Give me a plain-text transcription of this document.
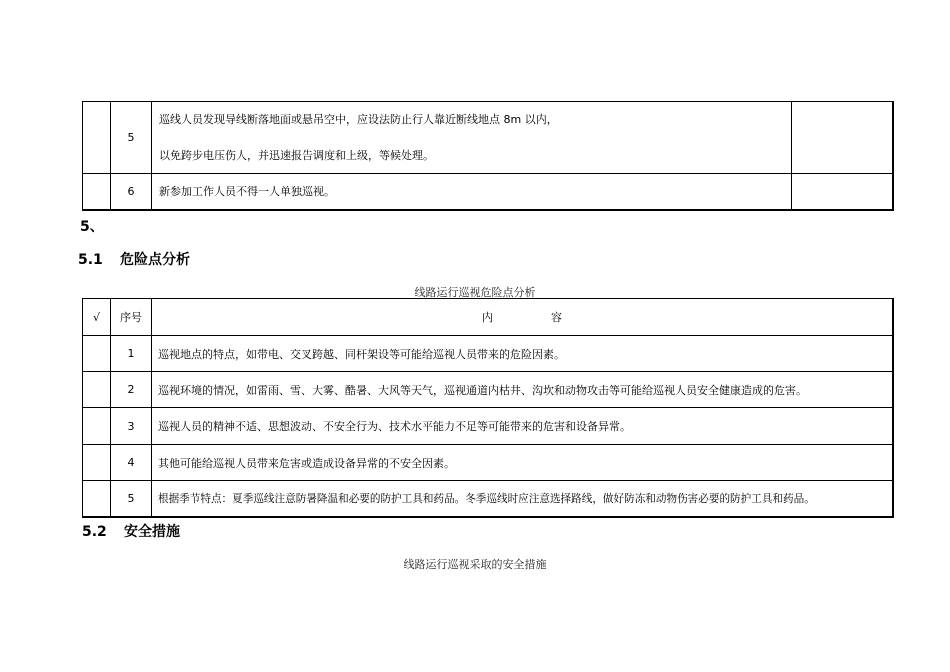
	5	巡线人员发现导线断落地面或悬吊空中，应设法防止行人靠近断线地点 8m 以内，
以免跨步电压伤人，并迅速报告调度和上级，等候处理。	

	6	新参加工作人员不得一人单独巡视。	
5、
5.1 危险点分析
线路运行巡视危险点分析
√	序号	内 容
	1	巡视地点的特点，如带电、交叉跨越、同杆架设等可能给巡视人员带来的危险因素。
	2	巡视环境的情况，如雷雨、雪、大雾、酷暑、大风等天气，巡视通道内枯井、沟坎和动物攻击等可能给巡视人员安全健康造成的危害。
	3	巡视人员的精神不适、思想波动、不安全行为、技术水平能力不足等可能带来的危害和设备异常。
	4	其他可能给巡视人员带来危害或造成设备异常的不安全因素。
	5	根据季节特点：夏季巡线注意防暑降温和必要的防护工具和药品。冬季巡线时应注意选择路线，做好防冻和动物伤害必要的防护工具和药品。
5.2 安全措施
线路运行巡视采取的安全措施
